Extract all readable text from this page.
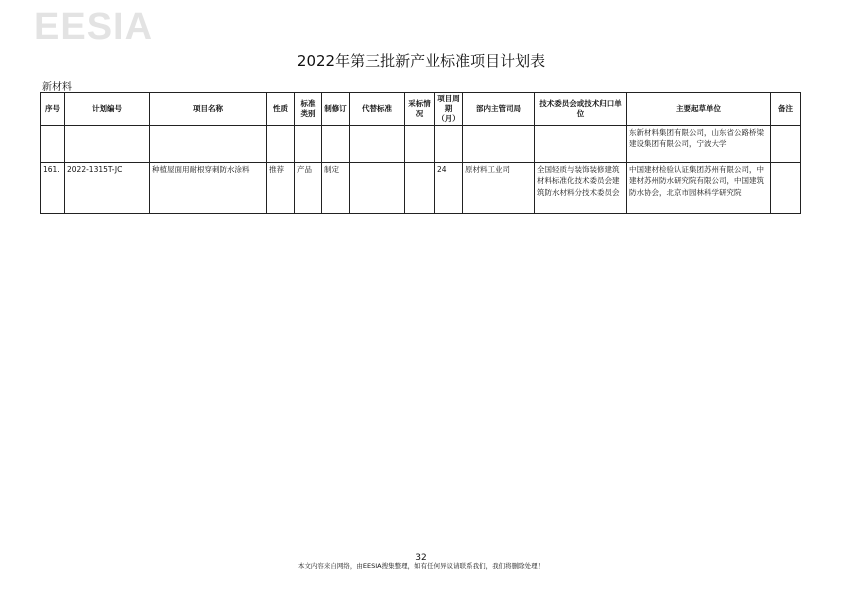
EESIA
2022年第三批新产业标准项目计划表
新材料
序号	计划编号	项目名称	性质	标准类别	制修订	代替标准	采标情况	项目周期（月）	部内主管司局	技术委员会或技术归口单位	主要起草单位	备注
											东新材料集团有限公司，山东省公路桥梁建设集团有限公司，宁波大学	
161.	2022-1315T-JC	种植屋面用耐根穿刺防水涂料	推荐	产品	制定			24	原材料工业司	全国轻质与装饰装修建筑材料标准化技术委员会建筑防水材料分技术委员会	中国建材检验认证集团苏州有限公司，中建材苏州防水研究院有限公司，中国建筑防水协会，北京市园林科学研究院	
32
本文内容来自网络，由EESIA搜集整理，如有任何异议请联系我们，我们将删除处理！
